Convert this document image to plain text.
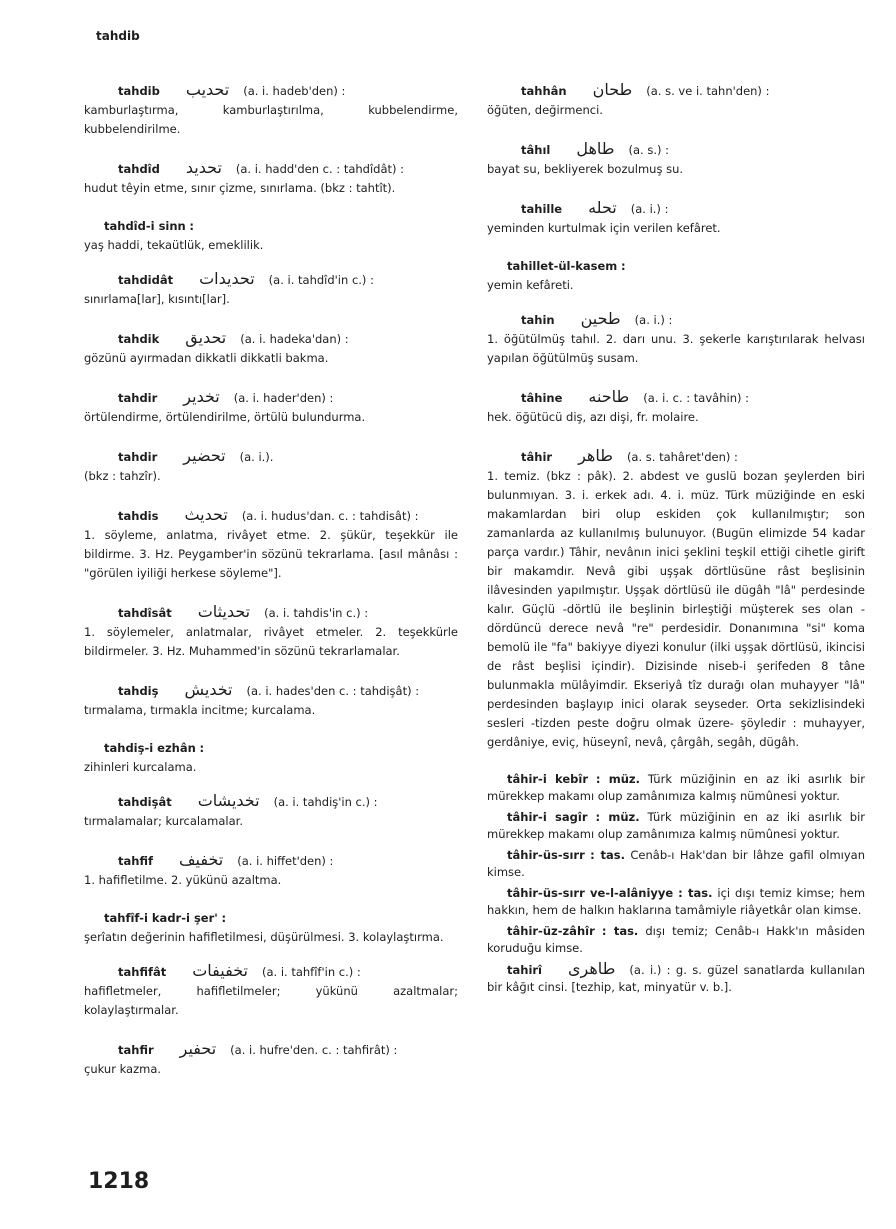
tahdib

tahdib تحديب (a. i. hadeb'den) :
kamburlaştırma, kamburlaştırılma, kubbelendirme, kubbelendirilme.

tahdîd تحديد (a. i. hadd'den c. : tahdîdât) :
hudut têyin etme, sınır çizme, sınırlama. (bkz : tahtît).

tahdîd-i sinn :
yaş haddi, tekaütlük, emeklilik.

tahdidât تحديدات (a. i. tahdîd'in c.) :
sınırlama[lar], kısıntı[lar].

tahdik تحديق (a. i. hadeka'dan) :
gözünü ayırmadan dikkatli dikkatli bakma.

tahdir تخدير (a. i. hader'den) :
örtülendirme, örtülendirilme, örtülü bulundurma.

tahdir تحضير (a. i.).
(bkz : tahzîr).

tahdis تحديث (a. i. hudus'dan. c. : tahdisât) :
1. söyleme, anlatma, rivâyet etme. 2. şükür, teşekkür ile bildirme. 3. Hz. Peygamber'in sözünü tekrarlama. [asıl mânâsı : "görülen iyiliği herkese söyleme"].

tahdîsât تحديثات (a. i. tahdis'in c.) :
1. söylemeler, anlatmalar, rivâyet etmeler. 2. teşekkürle bildirmeler. 3. Hz. Muhammed'in sözünü tekrarlamalar.

tahdiş تخديش (a. i. hades'den c. : tahdişât) :
tırmalama, tırmakla incitme; kurcalama.

tahdiş-i ezhân :
zihinleri kurcalama.

tahdişât تخديشات (a. i. tahdiş'in c.) :
tırmalamalar; kurcalamalar.

tahfif تخفيف (a. i. hiffet'den) :
1. hafifletilme. 2. yükünü azaltma.

tahfîf-i kadr-i şer' :
şerîatın değerinin hafifletilmesi, düşürülmesi. 3. kolaylaştırma.

tahfifât تخفيفات (a. i. tahfîf'in c.) :
hafifletmeler, hafifletilmeler; yükünü azaltmalar; kolaylaştırmalar.

tahfir تحفير (a. i. hufre'den. c. : tahfirât) :
çukur kazma.

tahhân طحان (a. s. ve i. tahn'den) :
öğüten, değirmenci.

tâhıl طاهل (a. s.) :
bayat su, bekliyerek bozulmuş su.

tahille تحله (a. i.) :
yeminden kurtulmak için verilen kefâret.

tahillet-ül-kasem :
yemin kefâreti.

tahin طحين (a. i.) :
1. öğütülmüş tahıl. 2. darı unu. 3. şekerle karıştırılarak helvası yapılan öğütülmüş susam.

tâhine طاحنه (a. i. c. : tavâhin) :
hek. öğütücü diş, azı dişi, fr. molaire.

tâhir طاهر (a. s. tahâret'den) :
1. temiz. (bkz : pâk). 2. abdest ve guslü bozan şeylerden biri bulunmıyan. 3. i. erkek adı. 4. i. müz. Türk müziğinde en eski makamlardan biri olup eskiden çok kullanılmıştır; son zamanlarda az kullanılmış bulunuyor. (Bugün elimizde 54 kadar parça vardır.) Tâhir, nevânın inici şeklini teşkil ettiği cihetle girift bir makamdır. Nevâ gibi uşşak dörtlüsüne râst beşlisinin ilâvesinden yapılmıştır. Uşşak dörtlüsü ile dügâh "lâ" perdesinde kalır. Güçlü -dörtlü ile beşlinin birleştiği müşterek ses olan -dördüncü derece nevâ "re" perdesidir. Donanımına "si" koma bemolü ile "fa" bakiyye diyezi konulur (ilki uşşak dörtlüsü, ikincisi de râst beşlisi içindir). Dizisinde niseb-i şerifeden 8 tâne bulunmakla mülâyimdir. Ekseriyâ tîz durağı olan muhayyer "lâ" perdesinden başlayıp inici olarak seyseder. Orta sekizlisindeki sesleri -tizden peste doğru olmak üzere- şöyledir : muhayyer, gerdâniye, eviç, hüseynî, nevâ, çârgâh, segâh, dügâh.

tâhir-i kebîr : müz. Türk müziğinin en az iki asırlık bir mürekkep makamı olup zamânımıza kalmış nümûnesi yoktur.

tâhir-i sagîr : müz. Türk müziğinin en az iki asırlık bir mürekkep makamı olup zamânımıza kalmış nümûnesi yoktur.

tâhir-üs-sırr : tas. Cenâb-ı Hak'dan bir lâhze gafil olmıyan kimse.

tâhir-üs-sırr ve-l-alâniyye : tas. içi dışı temiz kimse; hem hakkın, hem de halkın haklarına tamâmiyle riâyetkâr olan kimse.

tâhir-üz-zâhîr : tas. dışı temiz; Cenâb-ı Hakk'ın mâsiden koruduğu kimse.

tahirî طاهرى (a. i.) : g. s. güzel sanatlarda kullanılan bir kâğıt cinsi. [tezhip, kat, minyatür v. b.].

1218
